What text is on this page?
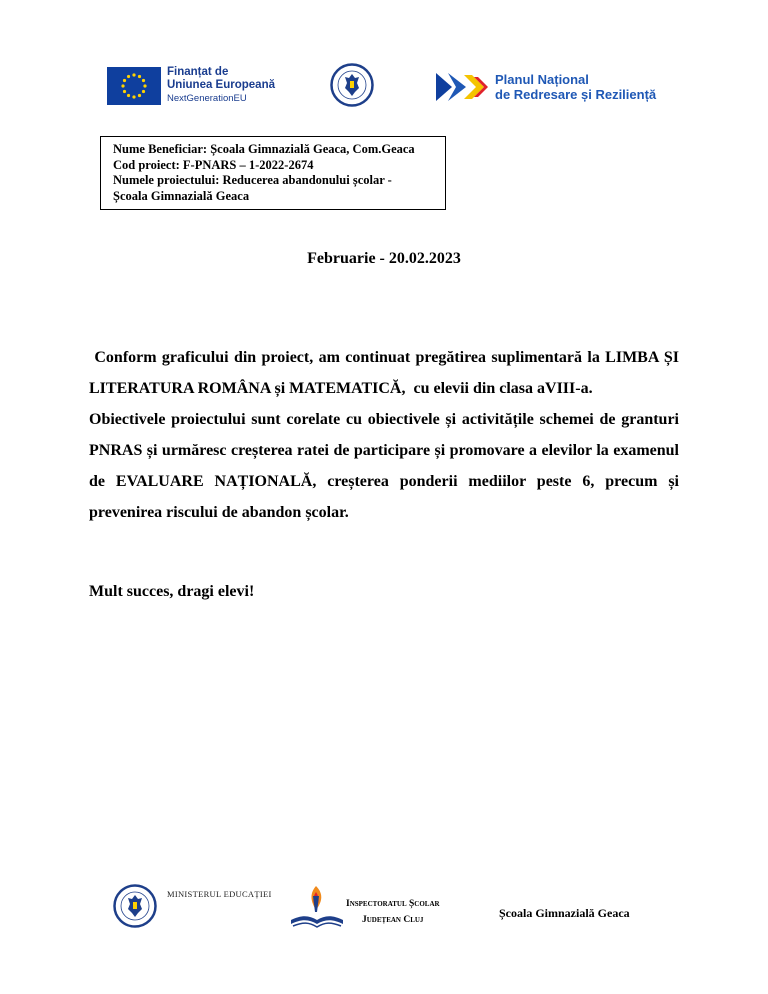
Finanțat de
Uniunea Europeană
NextGenerationEU
Planul Național
de Redresare și Reziliență
Nume Beneficiar: Școala Gimnazială Geaca, Com.Geaca
Cod proiect: F-PNARS – 1-2022-2674
Numele proiectului: Reducerea abandonului școlar -
Școala Gimnazială Geaca
Februarie - 20.02.2023

Conform graficului din proiect, am continuat pregătirea suplimentară la LIMBA ȘI LITERATURA ROMÂNA și MATEMATICĂ,  cu elevii din clasa aVIII-a.

Obiectivele proiectului sunt corelate cu obiectivele și activitățile schemei de granturi PNRAS și urmăresc creșterea ratei de participare și promovare a elevilor la examenul de EVALUARE NAȚIONALĂ, creșterea ponderii mediilor peste 6, precum și prevenirea riscului de abandon școlar.

Mult succes, dragi elevi!
MINISTERUL EDUCAȚIEI
Inspectoratul Școlar
Județean Cluj	Școala Gimnazială Geaca
